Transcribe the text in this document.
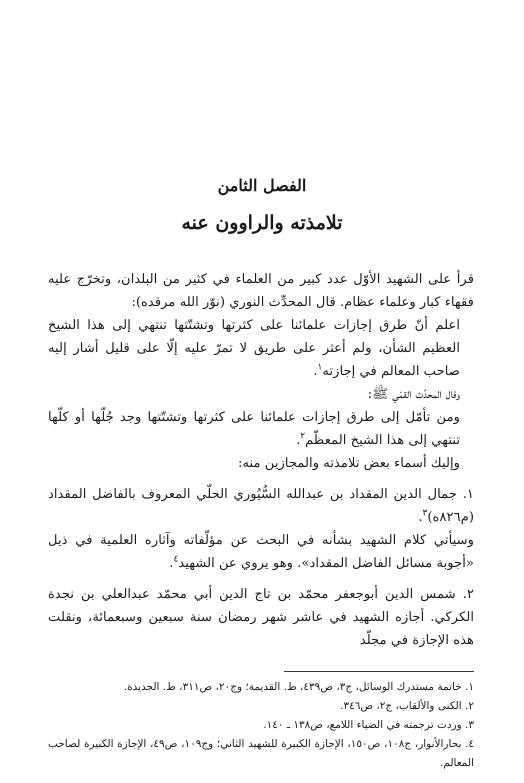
الفصل الثامن
تلامذته والراوون عنه

قرأ على الشهيد الأوّل عدد كبير من العلماء في كثير من البلدان، وتخرّج عليه فقهاء كبار وعلماء عظام. قال المحدِّث النوري (نوّر الله مرقده):

اعلم أنّ طرق إجازات علمائنا على كثرتها وتشتّتها تنتهي إلى هذا الشيخ العظيم الشأن، ولم أعثر على طريق لا تمرّ عليه إلّا على قليل أشار إليه صاحب المعالم في إجازته$^١$.

وقال المحدِّث القمّي ﷺ:

ومن تأمّل إلى طرق إجازات علمائنا على كثرتها وتشتّتها وجد جُلّها أو كلّها تنتهي إلى هذا الشيخ المعظّم$^٢$.

وإليك أسماء بعض تلامذته والمجازين منه:

١. جمال الدين المقداد بن عبدالله السُّيُوري الحلّي المعروف بالفاضل المقداد (م٨٢٦ه)$^٣$.

وسيأتي كلام الشهيد بشأنه في البحث عن مؤلّفاته وآثاره العلمية في ذيل «أجوبة مسائل الفاضل المقداد». وهو يروي عن الشهيد$^٤$.

٢. شمس الدين أبوجعفر محمّد بن تاج الدين أبي محمّد عبدالعلي بن نجدة الكركي. أجازه الشهيد في عاشر شهر رمضان سنة سبعين وسبعمائة، ونقلت هذه الإجازة في مجلّد

١. خاتمة مستدرك الوسائل، ج٣، ص٤٣٩، ط. القديمة؛ وج٢٠، ص٣١١، ط. الجديدة.

٢. الكنى والألقاب، ج٢، ص٣٤٦.

٣. وردت ترجمته في الضياء اللامع، ص١٣٨ ـ ١٤٠.

٤. بحارالأنوار، ج١٠٨، ص١٥٠، الإجازة الكبيرة للشهيد الثاني؛ وج١٠٩، ص٤٩، الإجازة الكبيرة لصاحب المعالم.
